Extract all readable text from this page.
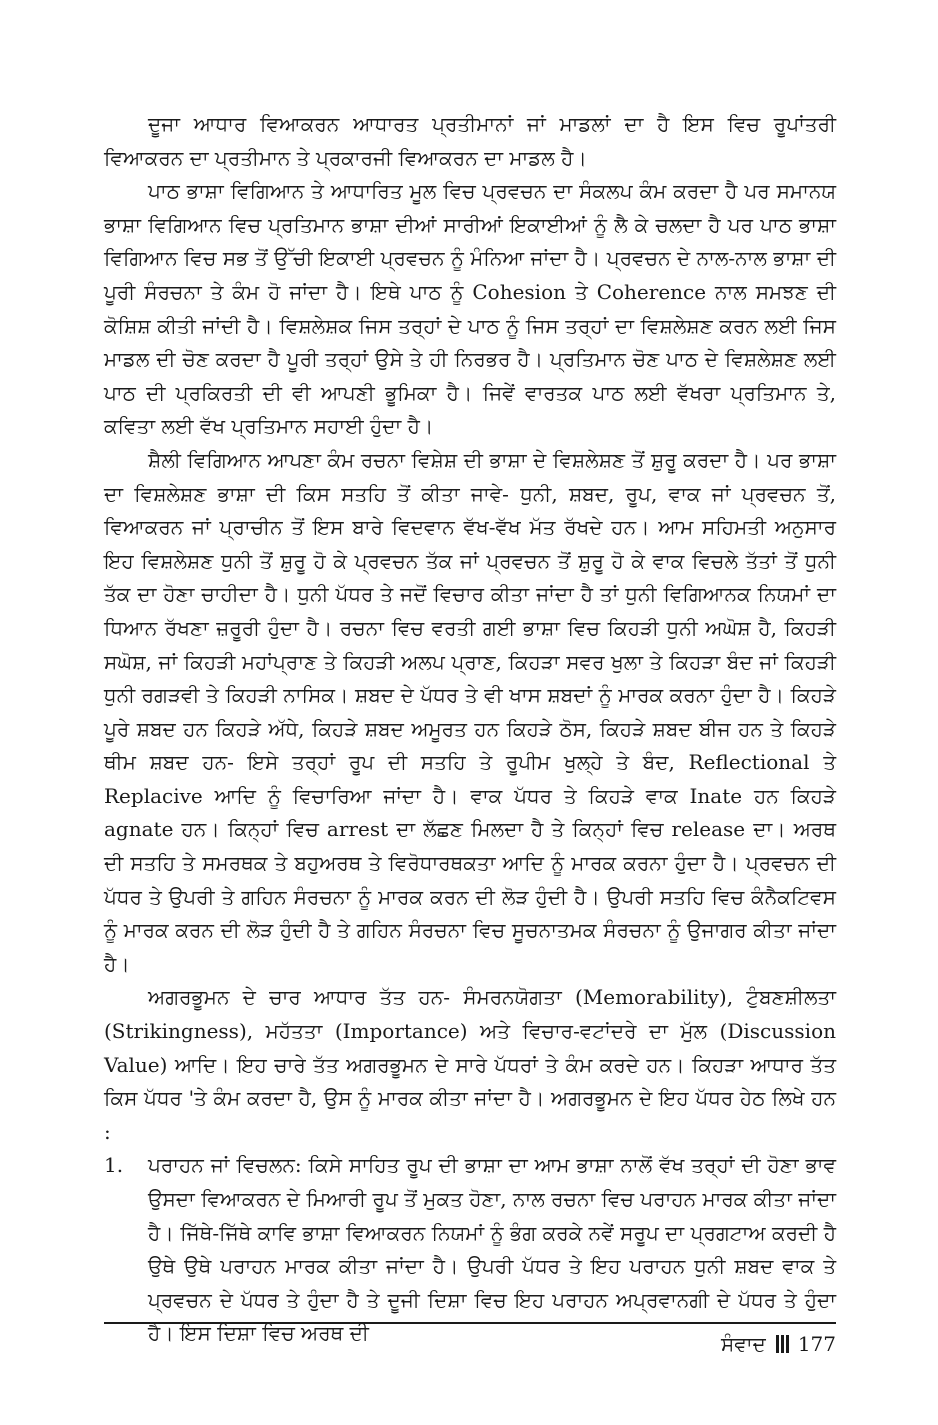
ਦੂਜਾ ਆਧਾਰ ਵਿਆਕਰਨ ਆਧਾਰਤ ਪ੍ਰਤੀਮਾਨਾਂ ਜਾਂ ਮਾਡਲਾਂ ਦਾ ਹੈ ਇਸ ਵਿਚ ਰੂਪਾਂਤਰੀ ਵਿਆਕਰਨ ਦਾ ਪ੍ਰਤੀਮਾਨ ਤੇ ਪ੍ਰਕਾਰਜੀ ਵਿਆਕਰਨ ਦਾ ਮਾਡਲ ਹੈ।

ਪਾਠ ਭਾਸ਼ਾ ਵਿਗਿਆਨ ਤੇ ਆਧਾਰਿਤ ਮੂਲ ਵਿਚ ਪ੍ਰਵਚਨ ਦਾ ਸੰਕਲਪ ਕੰਮ ਕਰਦਾ ਹੈ ਪਰ ਸਮਾਨਯ ਭਾਸ਼ਾ ਵਿਗਿਆਨ ਵਿਚ ਪ੍ਰਤਿਮਾਨ ਭਾਸ਼ਾ ਦੀਆਂ ਸਾਰੀਆਂ ਇਕਾਈਆਂ ਨੂੰ ਲੈ ਕੇ ਚਲਦਾ ਹੈ ਪਰ ਪਾਠ ਭਾਸ਼ਾ ਵਿਗਿਆਨ ਵਿਚ ਸਭ ਤੋਂ ਉੱਚੀ ਇਕਾਈ ਪ੍ਰਵਚਨ ਨੂੰ ਮੰਨਿਆ ਜਾਂਦਾ ਹੈ। ਪ੍ਰਵਚਨ ਦੇ ਨਾਲ-ਨਾਲ ਭਾਸ਼ਾ ਦੀ ਪੂਰੀ ਸੰਰਚਨਾ ਤੇ ਕੰਮ ਹੋ ਜਾਂਦਾ ਹੈ। ਇਥੇ ਪਾਠ ਨੂੰ Cohesion ਤੇ Coherence ਨਾਲ ਸਮਝਣ ਦੀ ਕੋਸ਼ਿਸ਼ ਕੀਤੀ ਜਾਂਦੀ ਹੈ। ਵਿਸ਼ਲੇਸ਼ਕ ਜਿਸ ਤਰ੍ਹਾਂ ਦੇ ਪਾਠ ਨੂੰ ਜਿਸ ਤਰ੍ਹਾਂ ਦਾ ਵਿਸ਼ਲੇਸ਼ਣ ਕਰਨ ਲਈ ਜਿਸ ਮਾਡਲ ਦੀ ਚੋਣ ਕਰਦਾ ਹੈ ਪੂਰੀ ਤਰ੍ਹਾਂ ਉਸੇ ਤੇ ਹੀ ਨਿਰਭਰ ਹੈ। ਪ੍ਰਤਿਮਾਨ ਚੋਣ ਪਾਠ ਦੇ ਵਿਸ਼ਲੇਸ਼ਣ ਲਈ ਪਾਠ ਦੀ ਪ੍ਰਕਿਰਤੀ ਦੀ ਵੀ ਆਪਣੀ ਭੂਮਿਕਾ ਹੈ। ਜਿਵੇਂ ਵਾਰਤਕ ਪਾਠ ਲਈ ਵੱਖਰਾ ਪ੍ਰਤਿਮਾਨ ਤੇ, ਕਵਿਤਾ ਲਈ ਵੱਖ ਪ੍ਰਤਿਮਾਨ ਸਹਾਈ ਹੁੰਦਾ ਹੈ।

ਸ਼ੈਲੀ ਵਿਗਿਆਨ ਆਪਣਾ ਕੰਮ ਰਚਨਾ ਵਿਸ਼ੇਸ਼ ਦੀ ਭਾਸ਼ਾ ਦੇ ਵਿਸ਼ਲੇਸ਼ਣ ਤੋਂ ਸ਼ੁਰੂ ਕਰਦਾ ਹੈ। ਪਰ ਭਾਸ਼ਾ ਦਾ ਵਿਸ਼ਲੇਸ਼ਣ ਭਾਸ਼ਾ ਦੀ ਕਿਸ ਸਤਹਿ ਤੋਂ ਕੀਤਾ ਜਾਵੇ- ਧੁਨੀ, ਸ਼ਬਦ, ਰੂਪ, ਵਾਕ ਜਾਂ ਪ੍ਰਵਚਨ ਤੋਂ, ਵਿਆਕਰਨ ਜਾਂ ਪ੍ਰਾਚੀਨ ਤੋਂ ਇਸ ਬਾਰੇ ਵਿਦਵਾਨ ਵੱਖ-ਵੱਖ ਮੱਤ ਰੱਖਦੇ ਹਨ। ਆਮ ਸਹਿਮਤੀ ਅਨੁਸਾਰ ਇਹ ਵਿਸ਼ਲੇਸ਼ਣ ਧੁਨੀ ਤੋਂ ਸ਼ੁਰੂ ਹੋ ਕੇ ਪ੍ਰਵਚਨ ਤੱਕ ਜਾਂ ਪ੍ਰਵਚਨ ਤੋਂ ਸ਼ੁਰੂ ਹੋ ਕੇ ਵਾਕ ਵਿਚਲੇ ਤੱਤਾਂ ਤੋਂ ਧੁਨੀ ਤੱਕ ਦਾ ਹੋਣਾ ਚਾਹੀਦਾ ਹੈ। ਧੁਨੀ ਪੱਧਰ ਤੇ ਜਦੋਂ ਵਿਚਾਰ ਕੀਤਾ ਜਾਂਦਾ ਹੈ ਤਾਂ ਧੁਨੀ ਵਿਗਿਆਨਕ ਨਿਯਮਾਂ ਦਾ ਧਿਆਨ ਰੱਖਣਾ ਜ਼ਰੂਰੀ ਹੁੰਦਾ ਹੈ। ਰਚਨਾ ਵਿਚ ਵਰਤੀ ਗਈ ਭਾਸ਼ਾ ਵਿਚ ਕਿਹੜੀ ਧੁਨੀ ਅਘੋਸ਼ ਹੈ, ਕਿਹੜੀ ਸਘੋਸ਼, ਜਾਂ ਕਿਹੜੀ ਮਹਾਂਪ੍ਰਾਣ ਤੇ ਕਿਹੜੀ ਅਲਪ ਪ੍ਰਾਣ, ਕਿਹੜਾ ਸਵਰ ਖੁਲਾ ਤੇ ਕਿਹੜਾ ਬੰਦ ਜਾਂ ਕਿਹੜੀ ਧੁਨੀ ਰਗੜਵੀ ਤੇ ਕਿਹੜੀ ਨਾਸਿਕ। ਸ਼ਬਦ ਦੇ ਪੱਧਰ ਤੇ ਵੀ ਖਾਸ ਸ਼ਬਦਾਂ ਨੂੰ ਮਾਰਕ ਕਰਨਾ ਹੁੰਦਾ ਹੈ। ਕਿਹੜੇ ਪੂਰੇ ਸ਼ਬਦ ਹਨ ਕਿਹੜੇ ਅੱਧੇ, ਕਿਹੜੇ ਸ਼ਬਦ ਅਮੂਰਤ ਹਨ ਕਿਹੜੇ ਠੋਸ, ਕਿਹੜੇ ਸ਼ਬਦ ਬੀਜ ਹਨ ਤੇ ਕਿਹੜੇ ਥੀਮ ਸ਼ਬਦ ਹਨ- ਇਸੇ ਤਰ੍ਹਾਂ ਰੂਪ ਦੀ ਸਤਹਿ ਤੇ ਰੂਪੀਮ ਖੁਲ੍ਹੇ ਤੇ ਬੰਦ, Reflectional ਤੇ Replacive ਆਦਿ ਨੂੰ ਵਿਚਾਰਿਆ ਜਾਂਦਾ ਹੈ। ਵਾਕ ਪੱਧਰ ਤੇ ਕਿਹੜੇ ਵਾਕ Inate ਹਨ ਕਿਹੜੇ agnate ਹਨ। ਕਿਨ੍ਹਾਂ ਵਿਚ arrest ਦਾ ਲੱਛਣ ਮਿਲਦਾ ਹੈ ਤੇ ਕਿਨ੍ਹਾਂ ਵਿਚ release ਦਾ। ਅਰਥ ਦੀ ਸਤਹਿ ਤੇ ਸਮਰਥਕ ਤੇ ਬਹੁਅਰਥ ਤੇ ਵਿਰੋਧਾਰਥਕਤਾ ਆਦਿ ਨੂੰ ਮਾਰਕ ਕਰਨਾ ਹੁੰਦਾ ਹੈ। ਪ੍ਰਵਚਨ ਦੀ ਪੱਧਰ ਤੇ ਉਪਰੀ ਤੇ ਗਹਿਨ ਸੰਰਚਨਾ ਨੂੰ ਮਾਰਕ ਕਰਨ ਦੀ ਲੋੜ ਹੁੰਦੀ ਹੈ। ਉਪਰੀ ਸਤਹਿ ਵਿਚ ਕੰਨੈਕਟਿਵਸ ਨੂੰ ਮਾਰਕ ਕਰਨ ਦੀ ਲੋੜ ਹੁੰਦੀ ਹੈ ਤੇ ਗਹਿਨ ਸੰਰਚਨਾ ਵਿਚ ਸੂਚਨਾਤਮਕ ਸੰਰਚਨਾ ਨੂੰ ਉਜਾਗਰ ਕੀਤਾ ਜਾਂਦਾ ਹੈ।

ਅਗਰਭੂਮਨ ਦੇ ਚਾਰ ਆਧਾਰ ਤੱਤ ਹਨ- ਸੰਮਰਨਯੋਗਤਾ (Memorability), ਟੁੰਬਣਸ਼ੀਲਤਾ (Strikingness), ਮਹੱਤਤਾ (Importance) ਅਤੇ ਵਿਚਾਰ-ਵਟਾਂਦਰੇ ਦਾ ਮੁੱਲ (Discussion Value) ਆਦਿ। ਇਹ ਚਾਰੇ ਤੱਤ ਅਗਰਭੂਮਨ ਦੇ ਸਾਰੇ ਪੱਧਰਾਂ ਤੇ ਕੰਮ ਕਰਦੇ ਹਨ। ਕਿਹੜਾ ਆਧਾਰ ਤੱਤ ਕਿਸ ਪੱਧਰ 'ਤੇ ਕੰਮ ਕਰਦਾ ਹੈ, ਉਸ ਨੂੰ ਮਾਰਕ ਕੀਤਾ ਜਾਂਦਾ ਹੈ। ਅਗਰਭੂਮਨ ਦੇ ਇਹ ਪੱਧਰ ਹੇਠ ਲਿਖੇ ਹਨ :

1.	ਪਰਾਹਨ ਜਾਂ ਵਿਚਲਨ: ਕਿਸੇ ਸਾਹਿਤ ਰੂਪ ਦੀ ਭਾਸ਼ਾ ਦਾ ਆਮ ਭਾਸ਼ਾ ਨਾਲੋਂ ਵੱਖ ਤਰ੍ਹਾਂ ਦੀ ਹੋਣਾ ਭਾਵ ਉਸਦਾ ਵਿਆਕਰਨ ਦੇ ਮਿਆਰੀ ਰੂਪ ਤੋਂ ਮੁਕਤ ਹੋਣਾ, ਨਾਲ ਰਚਨਾ ਵਿਚ ਪਰਾਹਨ ਮਾਰਕ ਕੀਤਾ ਜਾਂਦਾ ਹੈ। ਜਿੱਥੇ-ਜਿੱਥੇ ਕਾਵਿ ਭਾਸ਼ਾ ਵਿਆਕਰਨ ਨਿਯਮਾਂ ਨੂੰ ਭੰਗ ਕਰਕੇ ਨਵੇਂ ਸਰੂਪ ਦਾ ਪ੍ਰਗਟਾਅ ਕਰਦੀ ਹੈ ਉਥੇ ਉਥੇ ਪਰਾਹਨ ਮਾਰਕ ਕੀਤਾ ਜਾਂਦਾ ਹੈ। ਉਪਰੀ ਪੱਧਰ ਤੇ ਇਹ ਪਰਾਹਨ ਧੁਨੀ ਸ਼ਬਦ ਵਾਕ ਤੇ ਪ੍ਰਵਚਨ ਦੇ ਪੱਧਰ ਤੇ ਹੁੰਦਾ ਹੈ ਤੇ ਦੂਜੀ ਦਿਸ਼ਾ ਵਿਚ ਇਹ ਪਰਾਹਨ ਅਪ੍ਰਵਾਨਗੀ ਦੇ ਪੱਧਰ ਤੇ ਹੁੰਦਾ ਹੈ। ਇਸ ਦਿਸ਼ਾ ਵਿਚ ਅਰਥ ਦੀ	ਸੰਵਾਦ 177
